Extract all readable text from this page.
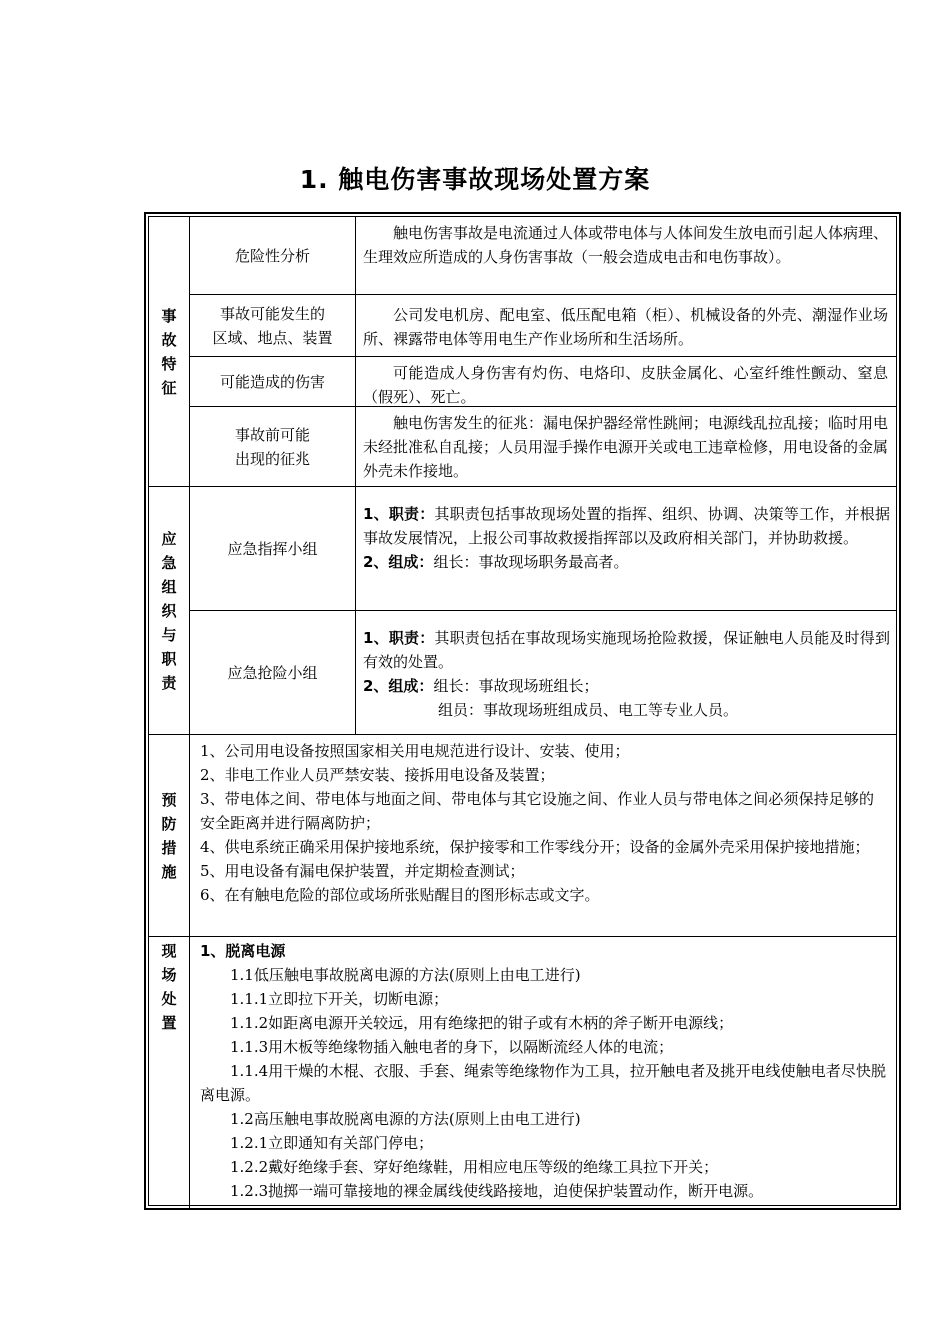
1. 触电伤害事故现场处置方案
事
故
特
征
危险性分析

触电伤害事故是电流通过人体或带电体与人体间发生放电而引起人体病理、生理效应所造成的人身伤害事故（一般会造成电击和电伤事故）。

事故可能发生的
区域、地点、装置

公司发电机房、配电室、低压配电箱（柜）、机械设备的外壳、潮湿作业场所、裸露带电体等用电生产作业场所和生活场所。

可能造成的伤害	可能造成人身伤害有灼伤、电烙印、皮肤金属化、心室纤维性颤动、窒息（假死）、死亡。

事故前可能
出现的征兆

触电伤害发生的征兆：漏电保护器经常性跳闸；电源线乱拉乱接；临时用电未经批准私自乱接；人员用湿手操作电源开关或电工违章检修，用电设备的金属外壳未作接地。

应
急
组
织
与
职
责
应急指挥小组

1、职责：其职责包括事故现场处置的指挥、组织、协调、决策等工作，并根据事故发展情况，上报公司事故救援指挥部以及政府相关部门，并协助救援。

2、组成：组长：事故现场职务最高者。

应急抢险小组

1、职责：其职责包括在事故现场实施现场抢险救援，保证触电人员能及时得到有效的处置。

2、组成：组长：事故现场班组长；

组员：事故现场班组成员、电工等专业人员。

预
防
措
施

1、公司用电设备按照国家相关用电规范进行设计、安装、使用；

2、非电工作业人员严禁安装、接拆用电设备及装置；

3、带电体之间、带电体与地面之间、带电体与其它设施之间、作业人员与带电体之间必须保持足够的安全距离并进行隔离防护；

4、供电系统正确采用保护接地系统，保护接零和工作零线分开；设备的金属外壳采用保护接地措施；

5、用电设备有漏电保护装置，并定期检查测试；

6、在有触电危险的部位或场所张贴醒目的图形标志或文字。

现
场
处
置

1、脱离电源

1.1低压触电事故脱离电源的方法(原则上由电工进行)

1.1.1立即拉下开关，切断电源；

1.1.2如距离电源开关较远，用有绝缘把的钳子或有木柄的斧子断开电源线；

1.1.3用木板等绝缘物插入触电者的身下，以隔断流经人体的电流；

1.1.4用干燥的木棍、衣服、手套、绳索等绝缘物作为工具，拉开触电者及挑开电线使触电者尽快脱离电源。

1.2高压触电事故脱离电源的方法(原则上由电工进行)

1.2.1立即通知有关部门停电；

1.2.2戴好绝缘手套、穿好绝缘鞋，用相应电压等级的绝缘工具拉下开关；

1.2.3抛掷一端可靠接地的裸金属线使线路接地，迫使保护装置动作，断开电源。
